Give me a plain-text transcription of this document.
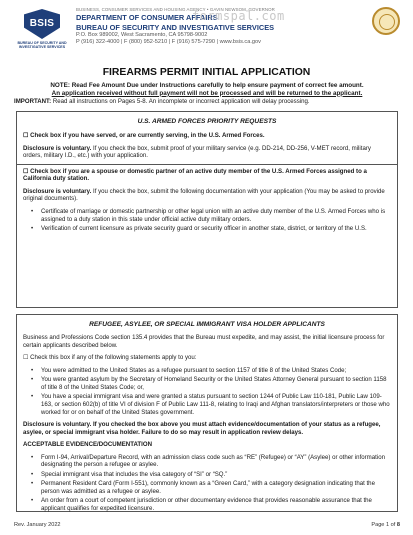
BSIS
BUREAU OF SECURITY AND INVESTIGATIVE SERVICES
BUSINESS, CONSUMER SERVICES AND HOUSING AGENCY • GAVIN NEWSOM, GOVERNOR
DEPARTMENT OF CONSUMER AFFAIRS
BUREAU OF SECURITY AND INVESTIGATIVE SERVICES
P.O. Box 989002, West Sacramento, CA 95798-9002
P (916) 322-4000 | F (800) 952-5210 | F (916) 575-7290 | www.bsis.ca.gov
formspal.com
FIREARMS PERMIT INITIAL APPLICATION
NOTE: Read Fee Amount Due under Instructions carefully to help ensure payment of correct fee amount.
An application received without full payment will not be processed and will be returned to the applicant.
IMPORTANT: Read all instructions on Pages 5-8. An incomplete or incorrect application will delay processing.
U.S. ARMED FORCES PRIORITY REQUESTS
☐ Check box if you have served, or are currently serving, in the U.S. Armed Forces.
Disclosure is voluntary. If you check the box, submit proof of your military service (e.g. DD-214, DD-256, V-MET record, military orders, military I.D., etc.) with your application.
☐ Check box if you are a spouse or domestic partner of an active duty member of the U.S. Armed Forces assigned to a California duty station.
Disclosure is voluntary. If you check the box, submit the following documentation with your application (You may be asked to provide original documents).
• Certificate of marriage or domestic partnership or other legal union with an active duty member of the U.S. Armed Forces who is assigned to a duty station in this state under official active duty military orders.
• Verification of current licensure as private security guard or security officer in another state, district, or territory of the U.S.
REFUGEE, ASYLEE, OR SPECIAL IMMIGRANT VISA HOLDER APPLICANTS
Business and Professions Code section 135.4 provides that the Bureau must expedite, and may assist, the initial licensure process for certain applicants described below.
☐ Check this box if any of the following statements apply to you:
• You were admitted to the United States as a refugee pursuant to section 1157 of title 8 of the United States Code;
• You were granted asylum by the Secretary of Homeland Security or the United States Attorney General pursuant to section 1158 of title 8 of the United States Code; or,
• You have a special immigrant visa and were granted a status pursuant to section 1244 of Public Law 110-181, Public Law 109-163, or section 602(b) of title VI of division F of Public Law 111-8, relating to Iraqi and Afghan translators/interpreters or those who worked for or on behalf of the United States government.
Disclosure is voluntary. If you checked the box above you must attach evidence/documentation of your status as a refugee, asylee, or special immigrant visa holder. Failure to do so may result in application review delays.
ACCEPTABLE EVIDENCE/DOCUMENTATION
• Form I-94, Arrival/Departure Record, with an admission class code such as “RE” (Refugee) or “AY” (Asylee) or other information designating the person a refugee or asylee.
• Special immigrant visa that includes the visa category of “SI” or “SQ.”
• Permanent Resident Card (Form I-551), commonly known as a “Green Card,” with a category designation indicating that the person was admitted as a refugee or asylee.
• An order from a court of competent jurisdiction or other documentary evidence that provides reasonable assurance that the applicant qualifies for expedited licensure.
Rev. January 2022	Page 1 of 8
